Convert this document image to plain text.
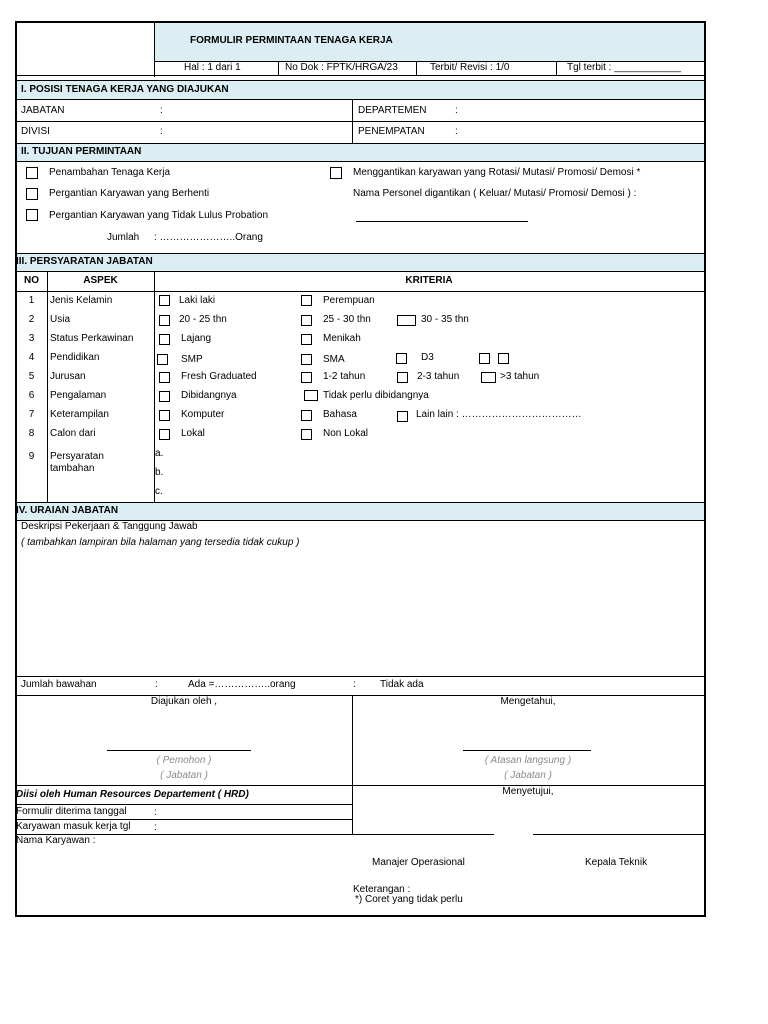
FORMULIR PERMINTAAN TENAGA KERJA
Hal : 1 dari 1	No Dok : FPTK/HRGA/23	Terbit/ Revisi : 1/0	Tgl terbit : ____________
I. POSISI TENAGA KERJA YANG DIAJUKAN
JABATAN	:
DIVISI	:
DEPARTEMEN	:
PENEMPATAN	:
II. TUJUAN PERMINTAAN
Penambahan Tenaga Kerja
Pergantian Karyawan yang Berhenti
Pergantian Karyawan yang Tidak Lulus Probation
Menggantikan karyawan yang Rotasi/ Mutasi/ Promosi/ Demosi *
Nama Personel digantikan ( Keluar/ Mutasi/ Promosi/ Demosi ) :
Jumlah : …………………..Orang
III. PERSYARATAN JABATAN
NO	ASPEK	KRITERIA
1	Jenis Kelamin	Laki laki	Perempuan
2	Usia	20 - 25 thn	25 - 30 thn	30 - 35 thn
3	Status Perkawinan	Lajang	Menikah
4	Pendidikan	SMP	SMA	D3
5	Jurusan	Fresh Graduated	1-2 tahun	2-3 tahun	>3 tahun
6	Pengalaman	Dibidangnya	Tidak perlu dibidangnya
7	Keterampilan	Komputer	Bahasa	Lain lain : ………………………………
8	Calon dari	Lokal	Non Lokal
9	Persyaratan
tambahan
a.
b.
c.
IV. URAIAN JABATAN
Deskripsi Pekerjaan & Tanggung Jawab
( tambahkan lampiran bila halaman yang tersedia tidak cukup )
Jumlah bawahan	:	Ada =……………..orang	: Tidak ada
Diajukan oleh ,	Mengetahui,
( Pemohon )
( Jabatan )
( Atasan langsung )
( Jabatan )
Menyetujui,
Diisi oleh Human Resources Departement ( HRD)
Formulir diterima tanggal	:
Karyawan masuk kerja tgl :
Nama Karyawan :
Manajer Operasional	Kepala Teknik
Keterangan :
*) Coret yang tidak perlu
